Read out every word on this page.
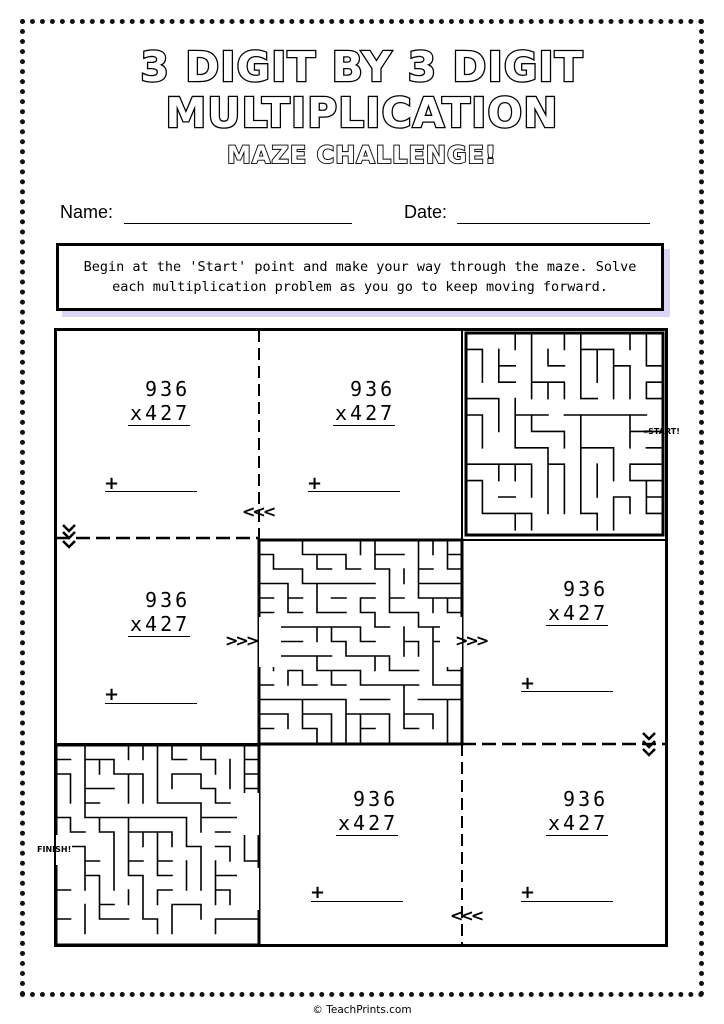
3 DIGIT BY 3 DIGIT
MULTIPLICATION
MAZE CHALLENGE!
Name:	Date:
Begin at the 'Start' point and make your way through the maze. Solve
each multiplication problem as you go to keep moving forward.
936
x427
+
936
x427
+
936
x427
+
936
x427
+
936
x427
+
936
x427
+
<<<
>>>	>>>
<<<
«START!
FINISH!
© TeachPrints.com
